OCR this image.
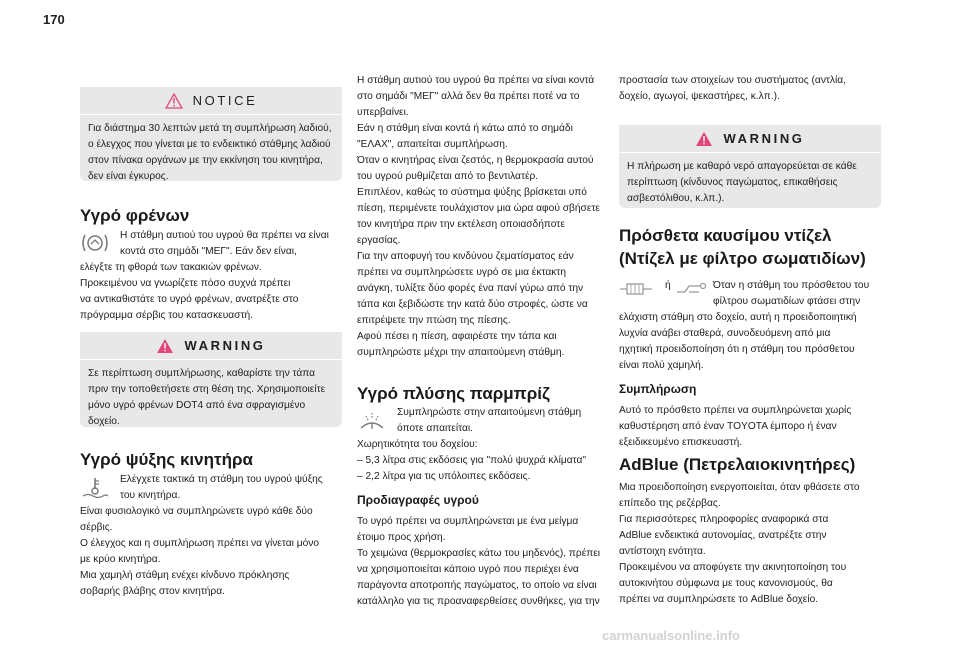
170
NOTICE

Για διάστημα 30 λεπτών μετά τη συμπλήρωση λαδιού, ο έλεγχος που γίνεται με το ενδεικτικό στάθμης λαδιού στον πίνακα οργάνων με την εκκίνηση του κινητήρα, δεν είναι έγκυρος.

Υγρό φρένων

Η στάθμη αυτιού του υγρού θα πρέπει να είναι

κοντά στο σημάδι "ΜΕΓ". Εάν δεν είναι,

ελέγξτε τη φθορά των τακακιών φρένων.

Προκειμένου να γνωρίζετε πόσο συχνά πρέπει

να αντικαθιστάτε το υγρό φρένων, ανατρέξτε στο

πρόγραμμα σέρβις του κατασκευαστή.

WARNING

Σε περίπτωση συμπλήρωσης, καθαρίστε την τάπα πριν την τοποθετήσετε στη θέση της. Χρησιμοποιείτε μόνο υγρό φρένων DOT4 από ένα σφραγισμένο δοχείο.

Υγρό ψύξης κινητήρα

Ελέγχετε τακτικά τη στάθμη του υγρού ψύξης

του κινητήρα.

Είναι φυσιολογικό να συμπληρώνετε υγρό κάθε δύο

σέρβις.

Ο έλεγχος και η συμπλήρωση πρέπει να γίνεται μόνο

με κρύο κινητήρα.

Μια χαμηλή στάθμη ενέχει κίνδυνο πρόκλησης

σοβαρής βλάβης στον κινητήρα.

Η στάθμη αυτιού του υγρού θα πρέπει να είναι κοντά

στο σημάδι "ΜΕΓ" αλλά δεν θα πρέπει ποτέ να το

υπερβαίνει.

Εάν η στάθμη είναι κοντά ή κάτω από το σημάδι

"ΕΛΑΧ", απαιτείται συμπλήρωση.

Όταν ο κινητήρας είναι ζεστός, η θερμοκρασία αυτού

του υγρού ρυθμίζεται από το βεντιλατέρ.

Επιπλέον, καθώς το σύστημα ψύξης βρίσκεται υπό

πίεση, περιμένετε τουλάχιστον μια ώρα αφού σβήσετε

τον κινητήρα πριν την εκτέλεση οποιασδήποτε

εργασίας.

Για την αποφυγή του κινδύνου ζεματίσματος εάν

πρέπει να συμπληρώσετε υγρό σε μια έκτακτη

ανάγκη, τυλίξτε δύο φορές ένα πανί γύρω από την

τάπα και ξεβιδώστε την κατά δύο στροφές, ώστε να

επιτρέψετε την πτώση της πίεσης.

Αφού πέσει η πίεση, αφαιρέστε την τάπα και

συμπληρώστε μέχρι την απαιτούμενη στάθμη.

Υγρό πλύσης παρμπρίζ

Συμπληρώστε στην απαιτούμενη στάθμη

όποτε απαιτείται.

Χωρητικότητα του δοχείου:

– 5,3 λίτρα στις εκδόσεις για "πολύ ψυχρά κλίματα"

– 2,2 λίτρα για τις υπόλοιπες εκδόσεις.

Προδιαγραφές υγρού

Το υγρό πρέπει να συμπληρώνεται με ένα μείγμα

έτοιμο προς χρήση.

Το χειμώνα (θερμοκρασίες κάτω του μηδενός), πρέπει

να χρησιμοποιείται κάποιο υγρό που περιέχει ένα

παράγοντα αποτροπής παγώματος, το οποίο να είναι

κατάλληλο για τις προαναφερθείσες συνθήκες, για την

προστασία των στοιχείων του συστήματος (αντλία,

δοχείο, αγωγοί, ψεκαστήρες, κ.λπ.).

WARNING

Η πλήρωση με καθαρό νερό απαγορεύεται σε κάθε περίπτωση (κίνδυνος παγώματος, επικαθήσεις ασβεστόλιθου, κ.λπ.).

Πρόσθετα καυσίμου ντίζελ
(Ντίζελ με φίλτρο σωματιδίων)
ή	Όταν η στάθμη του πρόσθετου του

φίλτρου σωματιδίων φτάσει στην

ελάχιστη στάθμη στο δοχείο, αυτή η προειδοποιητική

λυχνία ανάβει σταθερά, συνοδευόμενη από μια

ηχητική προειδοποίηση ότι η στάθμη του πρόσθετου

είναι πολύ χαμηλή.

Συμπλήρωση

Αυτό το πρόσθετο πρέπει να συμπληρώνεται χωρίς

καθυστέρηση από έναν TOYOTA έμπορο ή έναν

εξειδικευμένο επισκευαστή.

AdBlue (Πετρελαιοκινητήρες)

Μια προειδοποίηση ενεργοποιείται, όταν φθάσετε στο

επίπεδο της ρεζέρβας.

Για περισσότερες πληροφορίες αναφορικά στα

AdBlue ενδεικτικά αυτονομίας, ανατρέξτε στην

αντίστοιχη ενότητα.

Προκειμένου να αποφύγετε την ακινητοποίηση του

αυτοκινήτου σύμφωνα με τους κανονισμούς, θα

πρέπει να συμπληρώσετε το AdBlue δοχείο.

carmanualsonline.info
